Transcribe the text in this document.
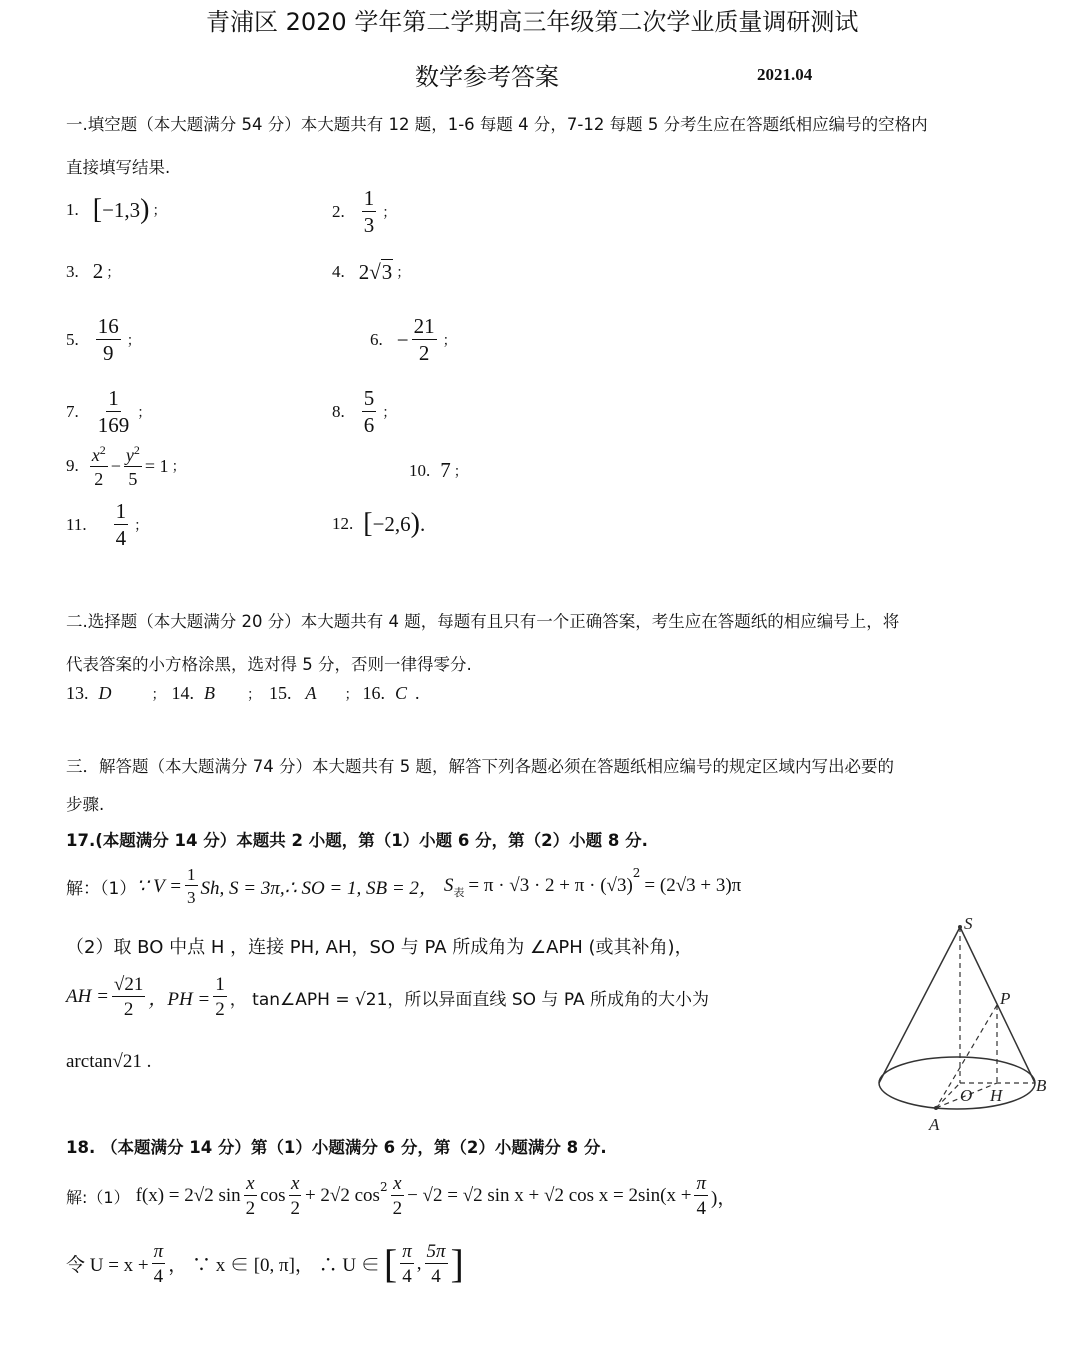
青浦区 2020 学年第二学期高三年级第二次学业质量调研测试
数学参考答案	2021.04
一.填空题（本大题满分 54 分）本大题共有 12 题，1-6 每题 4 分，7-12 每题 5 分考生应在答题纸相应编号的空格内
直接填写结果.
1. [ −1,3 ) ；	2. $\frac{1}{3}$ ；
3. 2 ；	4. 2 √ 3 ；
5. $\frac{16}{9}$ ；	6. − $\frac{21}{2}$ ；
7. $\frac{1}{169}$ ；	8. $\frac{5}{6}$ ；
9. $\frac{x^2}{2} - \frac{y^2}{5} = 1$ ；	10. 7 ；
11. $\frac{1}{4}$ ；	12. [ −2,6 ) .
二.选择题（本大题满分 20 分）本大题共有 4 题，每题有且只有一个正确答案，考生应在答题纸的相应编号上，将
代表答案的小方格涂黑，选对得 5 分，否则一律得零分.
13. D	； 14. B	； 15. A	； 16. C .
三．解答题（本大题满分 74 分）本大题共有 5 题，解答下列各题必须在答题纸相应编号的规定区域内写出必要的
步骤.
17.(本题满分 14 分）本题共 2 小题，第（1）小题 6 分，第（2）小题 8 分.
解：（1） ∵ $V = \frac{1}{3} Sh$, S = 3π,∴ SO = 1, SB = 2， $S_表 = \pi \cdot √3 \cdot 2 + \pi \cdot (√3)$
$^2$
= (2√3 + 3)π
（2）取 BO 中点 H ，连接 PH, AH，SO 与 PA 所成角为 ∠APH (或其补角)，
AH = $\frac{√21}{2}$ ，PH = $\frac{1}{2}$ ， tan∠APH = √21，所以异面直线 SO 与 PA 所成角的大小为
arctan√21 .
S
P
O H
B
A
18. （本题满分 14 分）第（1）小题满分 6 分，第（2）小题满分 8 分.
解:（1） f(x) = 2√2 $\sin \frac{x}{2}$ $\cos \frac{x}{2} + 2√2$ $\cos^2 \frac{x}{2} - √2 = √2$ sin x + √2 $\cos x = 2\sin(x + \frac{\pi}{4}$ )，
令 $U = x + \frac{\pi}{4}$ ， ∵ x ∈ [0, π]， ∴ U ∈ [ $\frac{\pi}{4}$ , $\frac{5\pi}{4}$ ]
